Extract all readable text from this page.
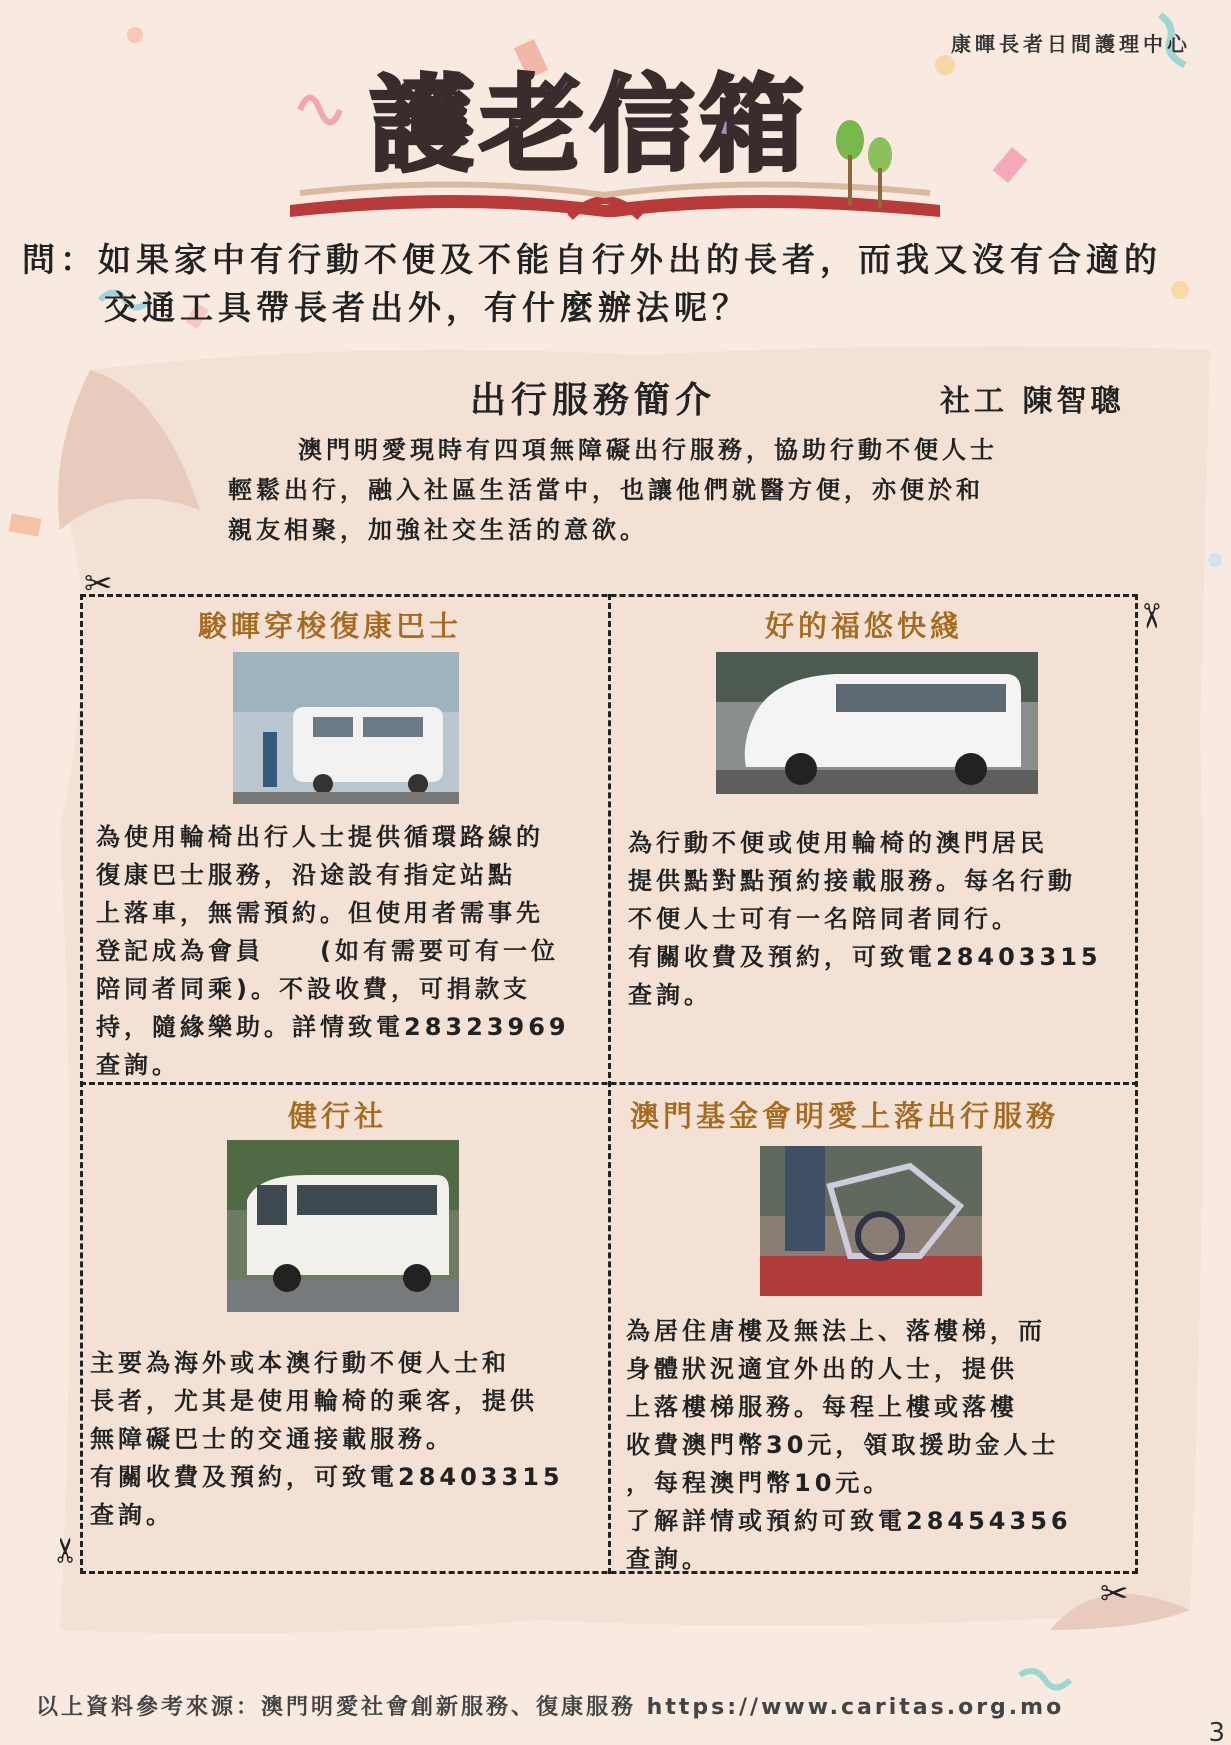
康暉長者日間護理中心
護老信箱
問：如果家中有行動不便及不能自行外出的長者，而我又沒有合適的
交通工具帶長者出外，有什麼辦法呢？
出行服務簡介	社工 陳智聰
澳門明愛現時有四項無障礙出行服務，協助行動不便人士
輕鬆出行，融入社區生活當中，也讓他們就醫方便，亦便於和
親友相聚，加強社交生活的意欲。
✂
✂
✂
✂
駿暉穿梭復康巴士
為使用輪椅出行人士提供循環路線的
復康巴士服務，沿途設有指定站點
上落車，無需預約。但使用者需事先
登記成為會員　　(如有需要可有一位
陪同者同乘)。不設收費，可捐款支
持，隨緣樂助。詳情致電28323969
查詢。
好的福悠快綫
為行動不便或使用輪椅的澳門居民
提供點對點預約接載服務。每名行動
不便人士可有一名陪同者同行。
有關收費及預約，可致電28403315
查詢。
健行社
主要為海外或本澳行動不便人士和
長者，尤其是使用輪椅的乘客，提供
無障礙巴士的交通接載服務。
有關收費及預約，可致電28403315
查詢。
澳門基金會明愛上落出行服務
為居住唐樓及無法上、落樓梯，而
身體狀況適宜外出的人士，提供
上落樓梯服務。每程上樓或落樓
收費澳門幣30元，領取援助金人士
，每程澳門幣10元。
了解詳情或預約可致電28454356
查詢。
以上資料參考來源：澳門明愛社會創新服務、復康服務 https://www.caritas.org.mo
3
